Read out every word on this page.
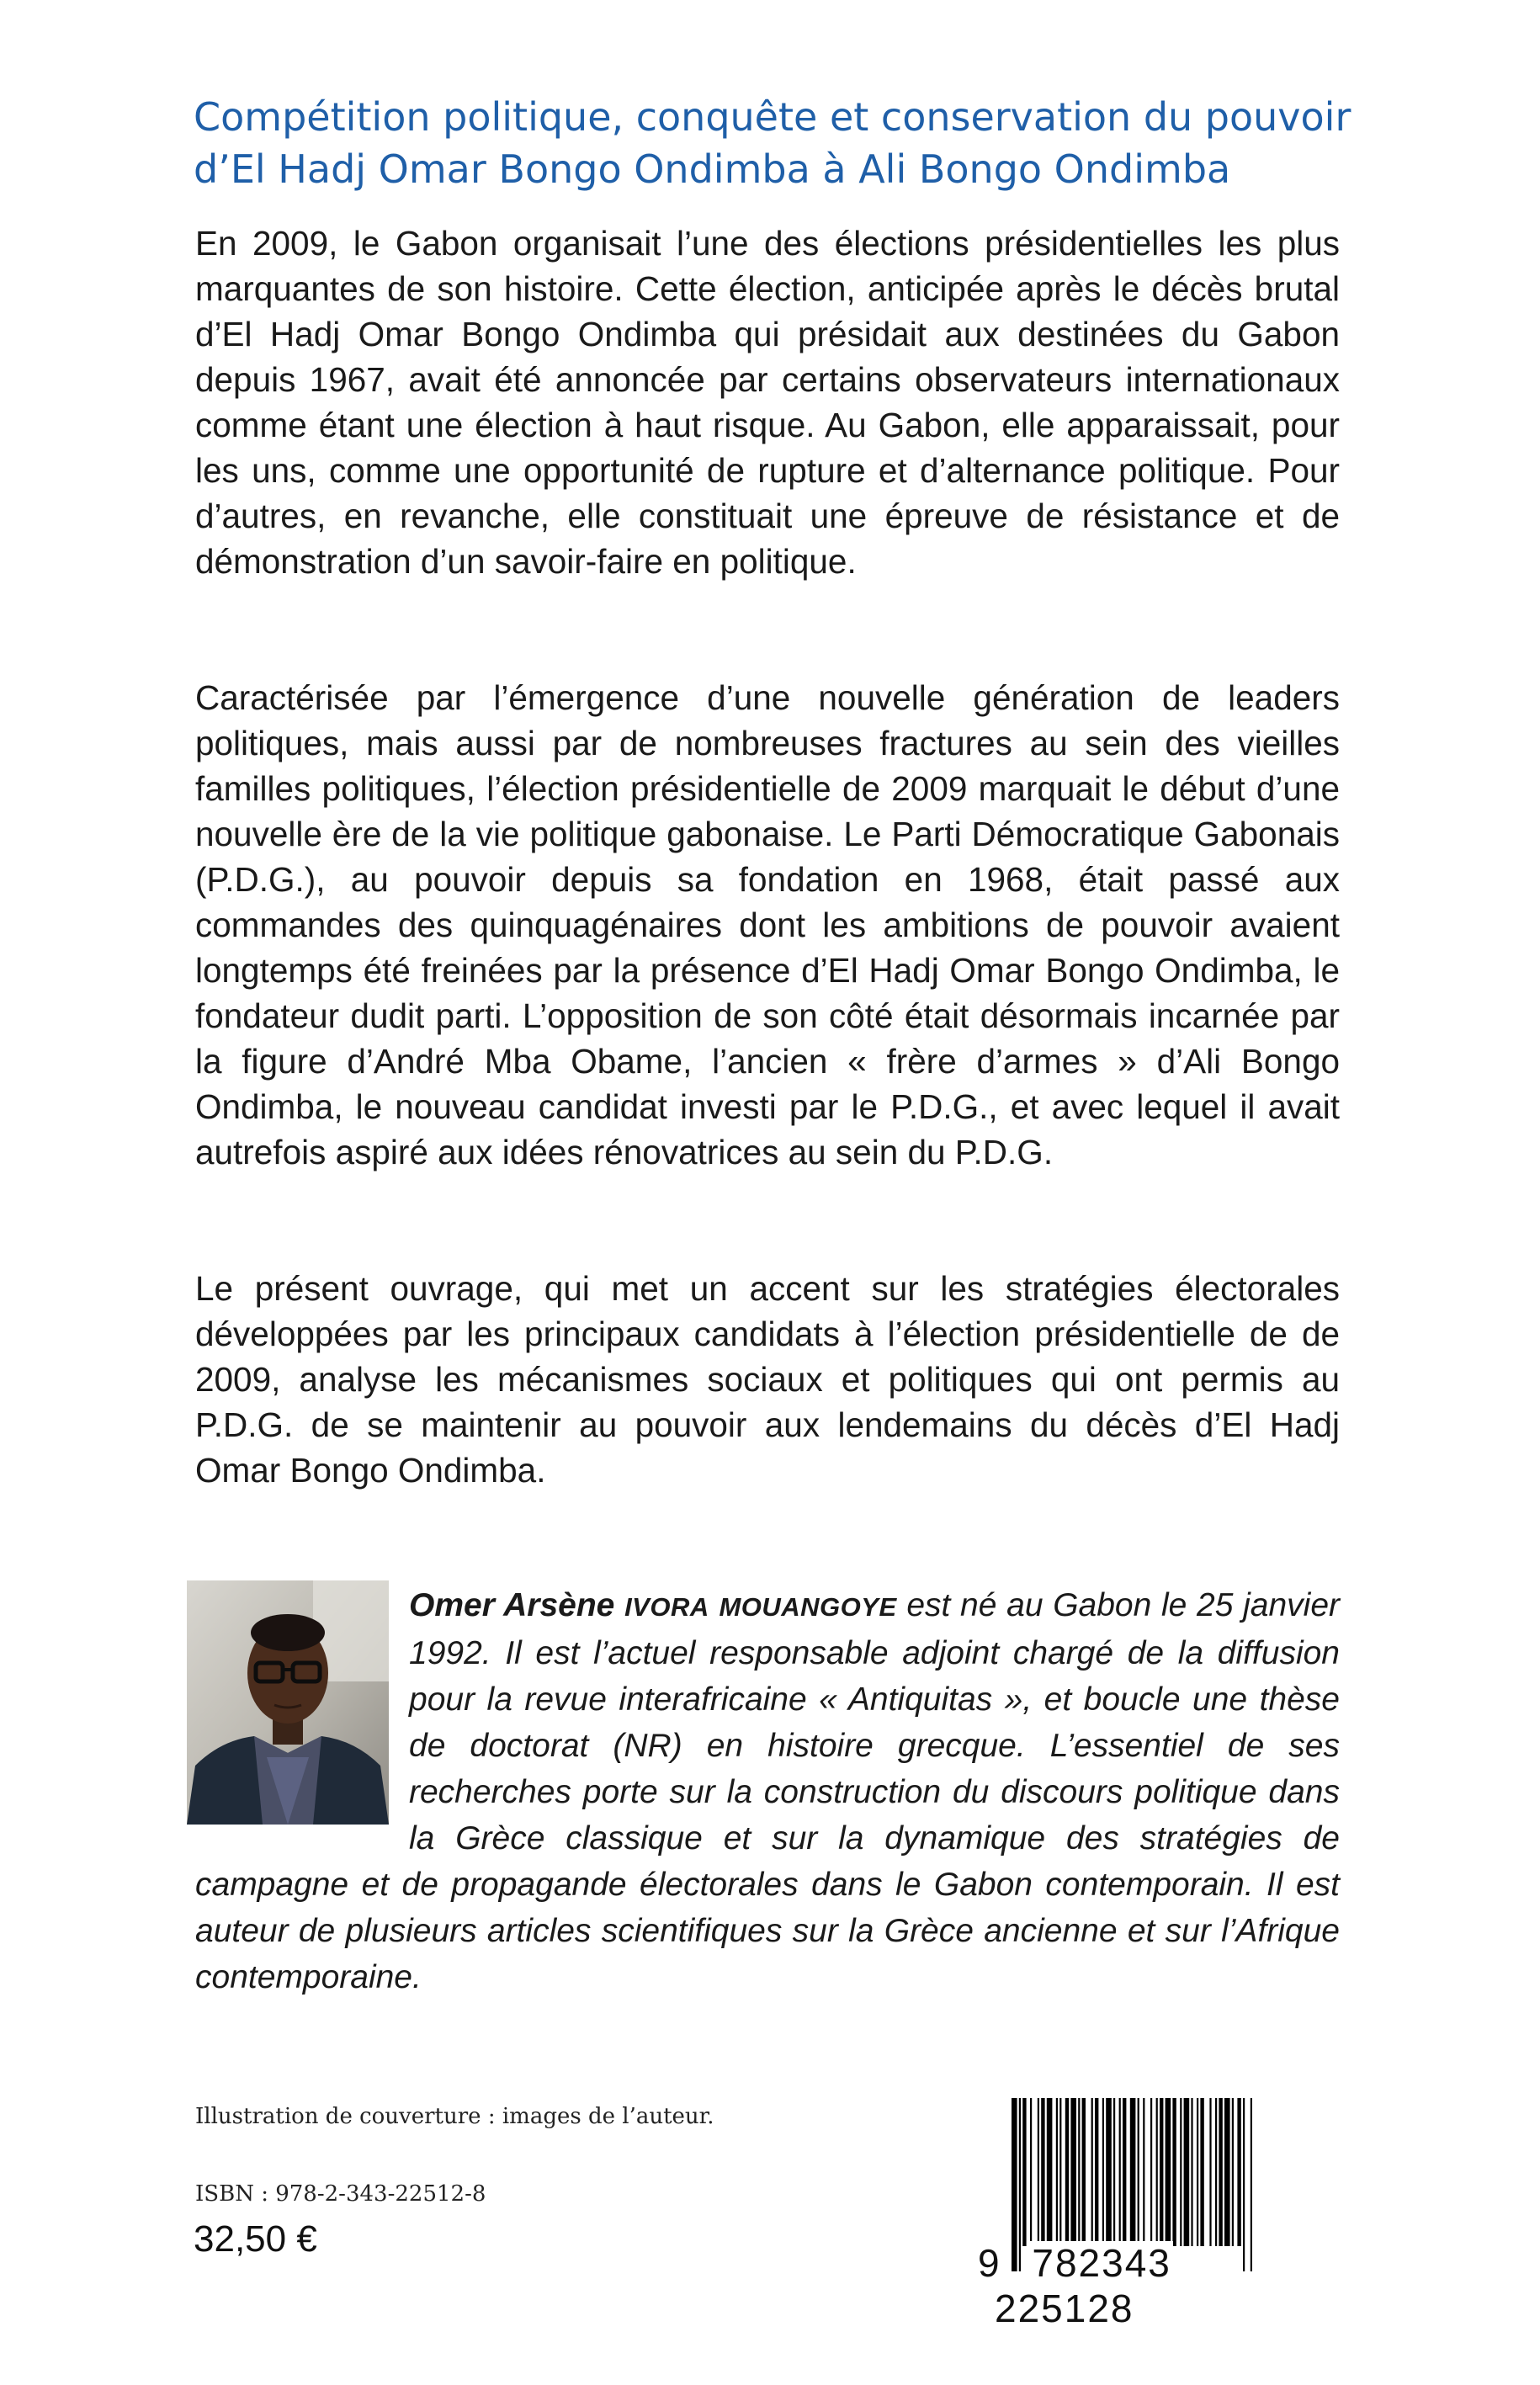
Compétition politique, conquête et conservation du pouvoir
d’El Hadj Omar Bongo Ondimba à Ali Bongo Ondimba

En 2009, le Gabon organisait l’une des élections présidentielles les plus marquantes de son histoire. Cette élection, anticipée après le décès brutal d’El Hadj Omar Bongo Ondimba qui présidait aux destinées du Gabon depuis 1967, avait été annoncée par certains observateurs internationaux comme étant une élection à haut risque. Au Gabon, elle apparaissait, pour les uns, comme une opportunité de rupture et d’alternance politique. Pour d’autres, en revanche, elle constituait une épreuve de résistance et de démonstration d’un savoir-faire en politique.

Caractérisée par l’émergence d’une nouvelle génération de leaders politiques, mais aussi par de nombreuses fractures au sein des vieilles familles politiques, l’élection présidentielle de 2009 marquait le début d’une nouvelle ère de la vie politique gabonaise. Le Parti Démocratique Gabonais (P.D.G.), au pouvoir depuis sa fondation en 1968, était passé aux commandes des quinquagénaires dont les ambitions de pouvoir avaient longtemps été freinées par la présence d’El Hadj Omar Bongo Ondimba, le fondateur dudit parti. L’opposition de son côté était désormais incarnée par la figure d’André Mba Obame, l’ancien « frère d’armes » d’Ali Bongo Ondimba, le nouveau candidat investi par le P.D.G., et avec lequel il avait autrefois aspiré aux idées rénovatrices au sein du P.D.G.

Le présent ouvrage, qui met un accent sur les stratégies électorales développées par les principaux candidats à l’élection présidentielle de de 2009, analyse les mécanismes sociaux et politiques qui ont permis au P.D.G. de se maintenir au pouvoir aux lendemains du décès d’El Hadj Omar Bongo Ondimba.

Omer Arsène IVORA MOUANGOYE est né au Gabon le 25 janvier 1992. Il est l’actuel responsable adjoint chargé de la diffusion pour la revue interafricaine « Antiquitas », et boucle une thèse de doctorat (NR) en histoire grecque. L’essentiel de ses recherches porte sur la construction du discours politique dans la Grèce classique et sur la dynamique des stratégies de campagne et de propagande électorales dans le Gabon contemporain. Il est auteur de plusieurs articles scientifiques sur la Grèce ancienne et sur l’Afrique contemporaine.

Illustration de couverture : images de l’auteur.
ISBN : 978-2-343-22512-8
32,50 €
9 782343 225128
